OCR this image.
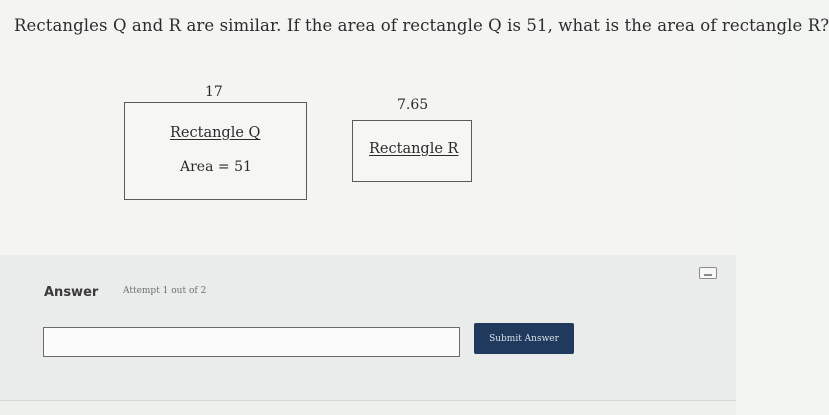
Rectangles Q and R are similar. If the area of rectangle Q is 51, what is the area of rectangle R?
17
Rectangle Q
Area = 51
7.65
Rectangle R
Answer	Attempt 1 out of 2
Submit Answer
